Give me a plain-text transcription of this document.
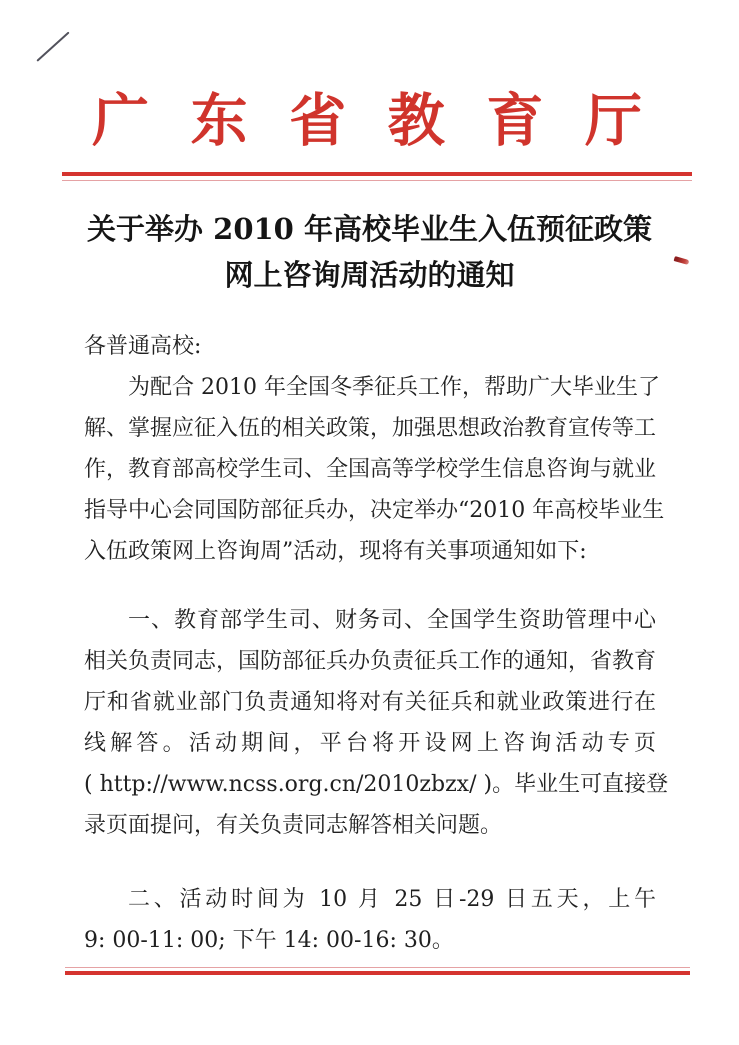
广 东 省 教 育 厅
关于举办 2010 年高校毕业生入伍预征政策
网上咨询周活动的通知
各普通高校:
为配合 2010 年全国冬季征兵工作，帮助广大毕业生了
解、掌握应征入伍的相关政策，加强思想政治教育宣传等工
作，教育部高校学生司、全国高等学校学生信息咨询与就业
指导中心会同国防部征兵办，决定举办“2010 年高校毕业生
入伍政策网上咨询周”活动，现将有关事项通知如下:
一、教育部学生司、财务司、全国学生资助管理中心
相关负责同志，国防部征兵办负责征兵工作的通知，省教育
厅和省就业部门负责通知将对有关征兵和就业政策进行在
线解答。活动期间，平台将开设网上咨询活动专页
( http://www.ncss.org.cn/2010zbzx/ )。毕业生可直接登
录页面提问，有关负责同志解答相关问题。
二、活动时间为 10 月 25 日-29 日五天，上午
9: 00-11: 00; 下午 14: 00-16: 30。
